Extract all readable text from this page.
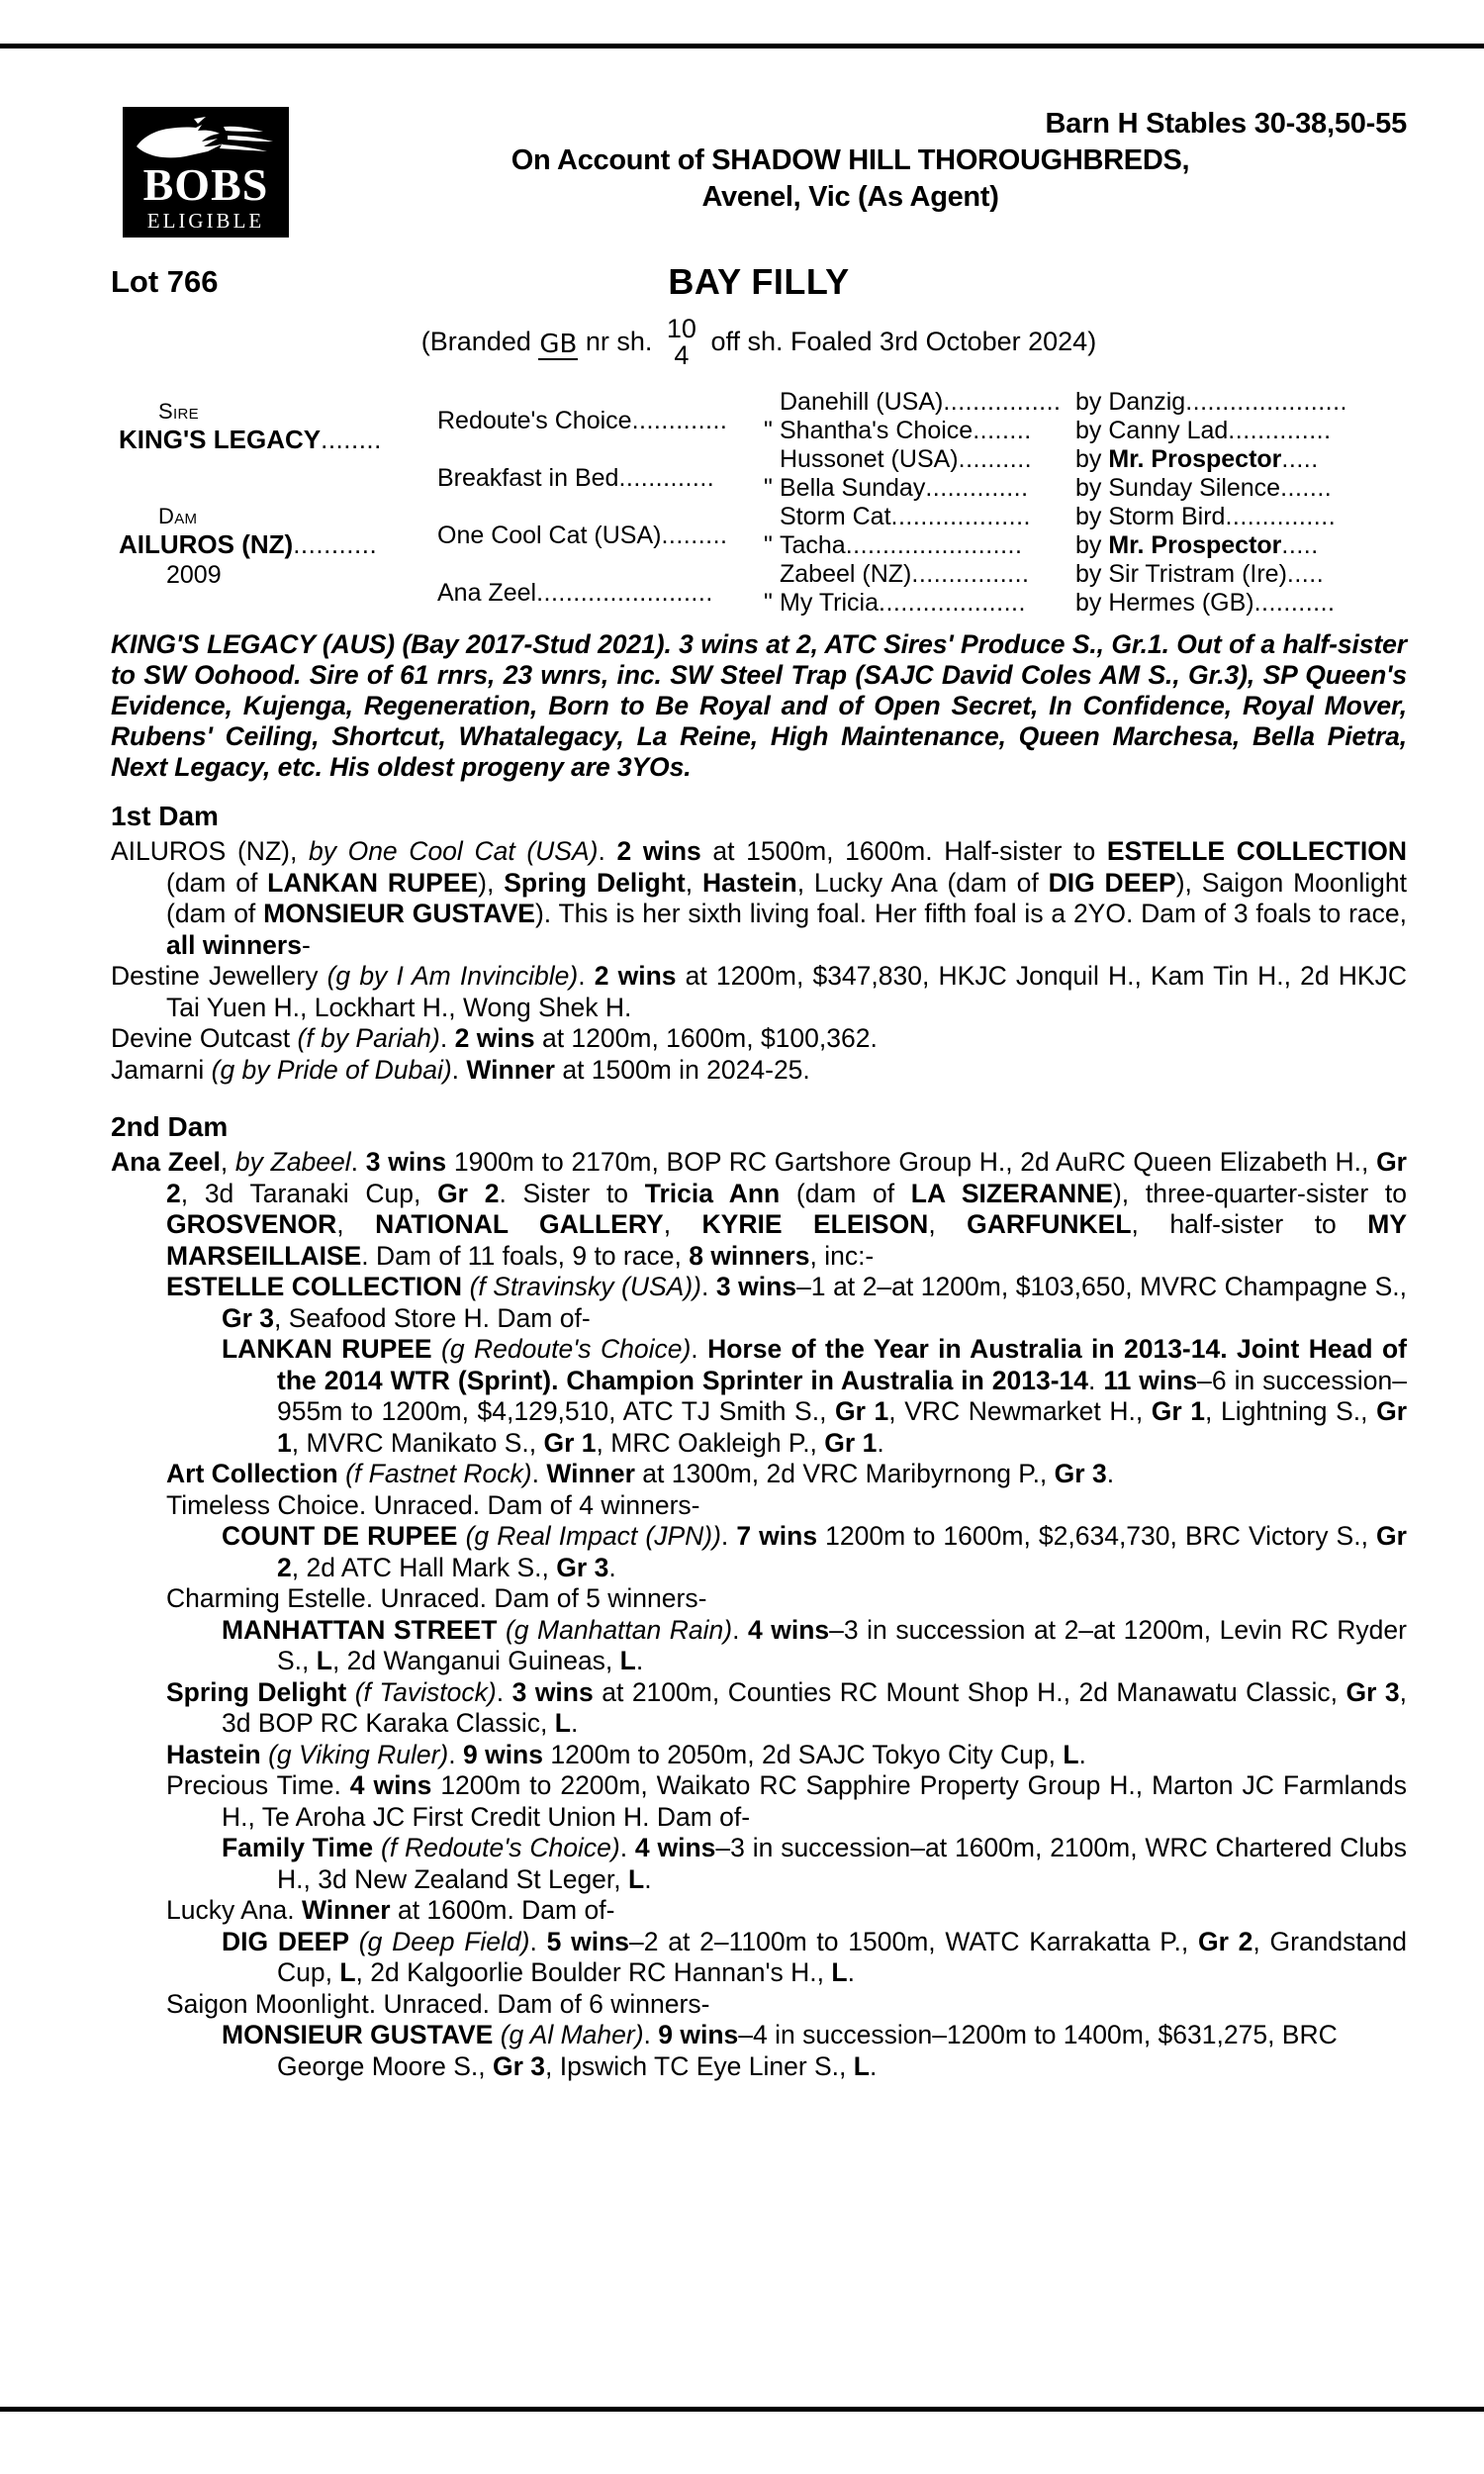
BOBS
ELIGIBLE
Barn H Stables 30-38,50-55
On Account of SHADOW HILL THOROUGHBREDS,
Avenel, Vic (As Agent)
Lot 766	BAY FILLY
(Branded GB nr sh. 10
4 off sh. Foaled 3rd October 2024)
Sire
KING'S LEGACY........
Dam
AILUROS (NZ)...........
2009
Redoute's Choice.............
Breakfast in Bed.............
One Cool Cat (USA).........
Ana Zeel........................
Danehill (USA)................
" Shantha's Choice........
Hussonet (USA)..........
" Bella Sunday..............
Storm Cat...................
" Tacha........................
Zabeel (NZ)................
" My Tricia....................
by Danzig......................
by Canny Lad..............
by Mr. Prospector.....
by Sunday Silence.......
by Storm Bird...............
by Mr. Prospector.....
by Sir Tristram (Ire).....
by Hermes (GB)...........
KING'S LEGACY (AUS) (Bay 2017-Stud 2021). 3 wins at 2, ATC Sires' Produce S., Gr.1. Out of a half-sister to SW Oohood. Sire of 61 rnrs, 23 wnrs, inc. SW Steel Trap (SAJC David Coles AM S., Gr.3), SP Queen's Evidence, Kujenga, Regeneration, Born to Be Royal and of Open Secret, In Confidence, Royal Mover, Rubens' Ceiling, Shortcut, Whatalegacy, La Reine, High Maintenance, Queen Marchesa, Bella Pietra, Next Legacy, etc. His oldest progeny are 3YOs.
1st Dam

AILUROS (NZ), by One Cool Cat (USA). 2 wins at 1500m, 1600m. Half-sister to ESTELLE COLLECTION (dam of LANKAN RUPEE), Spring Delight, Hastein, Lucky Ana (dam of DIG DEEP), Saigon Moonlight (dam of MONSIEUR GUSTAVE). This is her sixth living foal. Her fifth foal is a 2YO. Dam of 3 foals to race, all winners-

Destine Jewellery (g by I Am Invincible). 2 wins at 1200m, $347,830, HKJC Jonquil H., Kam Tin H., 2d HKJC Tai Yuen H., Lockhart H., Wong Shek H.

Devine Outcast (f by Pariah). 2 wins at 1200m, 1600m, $100,362.

Jamarni (g by Pride of Dubai). Winner at 1500m in 2024-25.

2nd Dam

Ana Zeel, by Zabeel. 3 wins 1900m to 2170m, BOP RC Gartshore Group H., 2d AuRC Queen Elizabeth H., Gr 2, 3d Taranaki Cup, Gr 2. Sister to Tricia Ann (dam of LA SIZERANNE), three-quarter-sister to GROSVENOR, NATIONAL GALLERY, KYRIE ELEISON, GARFUNKEL, half-sister to MY MARSEILLAISE. Dam of 11 foals, 9 to race, 8 winners, inc:-

ESTELLE COLLECTION (f Stravinsky (USA)). 3 wins–1 at 2–at 1200m, $103,650, MVRC Champagne S., Gr 3, Seafood Store H. Dam of-

LANKAN RUPEE (g Redoute's Choice). Horse of the Year in Australia in 2013-14. Joint Head of the 2014 WTR (Sprint). Champion Sprinter in Australia in 2013-14. 11 wins–6 in succession–955m to 1200m, $4,129,510, ATC TJ Smith S., Gr 1, VRC Newmarket H., Gr 1, Lightning S., Gr 1, MVRC Manikato S., Gr 1, MRC Oakleigh P., Gr 1.

Art Collection (f Fastnet Rock). Winner at 1300m, 2d VRC Maribyrnong P., Gr 3.

Timeless Choice. Unraced. Dam of 4 winners-

COUNT DE RUPEE (g Real Impact (JPN)). 7 wins 1200m to 1600m, $2,634,730, BRC Victory S., Gr 2, 2d ATC Hall Mark S., Gr 3.

Charming Estelle. Unraced. Dam of 5 winners-

MANHATTAN STREET (g Manhattan Rain). 4 wins–3 in succession at 2–at 1200m, Levin RC Ryder S., L, 2d Wanganui Guineas, L.

Spring Delight (f Tavistock). 3 wins at 2100m, Counties RC Mount Shop H., 2d Manawatu Classic, Gr 3, 3d BOP RC Karaka Classic, L.

Hastein (g Viking Ruler). 9 wins 1200m to 2050m, 2d SAJC Tokyo City Cup, L.

Precious Time. 4 wins 1200m to 2200m, Waikato RC Sapphire Property Group H., Marton JC Farmlands H., Te Aroha JC First Credit Union H. Dam of-

Family Time (f Redoute's Choice). 4 wins–3 in succession–at 1600m, 2100m, WRC Chartered Clubs H., 3d New Zealand St Leger, L.

Lucky Ana. Winner at 1600m. Dam of-

DIG DEEP (g Deep Field). 5 wins–2 at 2–1100m to 1500m, WATC Karrakatta P., Gr 2, Grandstand Cup, L, 2d Kalgoorlie Boulder RC Hannan's H., L.

Saigon Moonlight. Unraced. Dam of 6 winners-

MONSIEUR GUSTAVE (g Al Maher). 9 wins–4 in succession–1200m to 1400m, $631,275, BRC George Moore S., Gr 3, Ipswich TC Eye Liner S., L.
